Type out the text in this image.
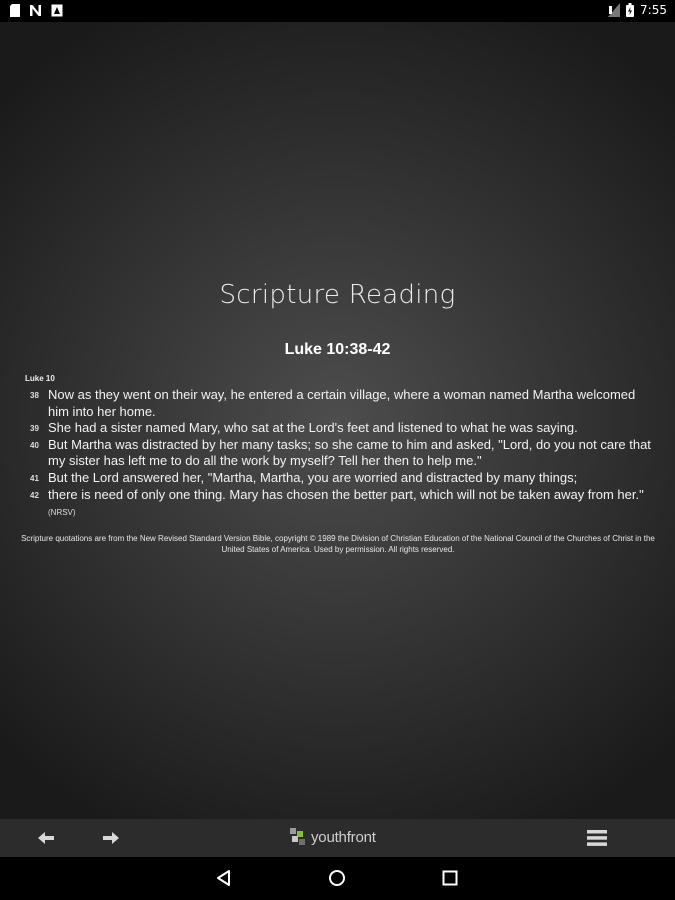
7:55
Scripture Reading
Luke 10:38-42
Luke 10
38 Now as they went on their way, he entered a certain village, where a woman named Martha welcomed him into her home.
39 She had a sister named Mary, who sat at the Lord's feet and listened to what he was saying.
40 But Martha was distracted by her many tasks; so she came to him and asked, "Lord, do you not care that my sister has left me to do all the work by myself? Tell her then to help me."
41 But the Lord answered her, "Martha, Martha, you are worried and distracted by many things;
42 there is need of only one thing. Mary has chosen the better part, which will not be taken away from her." (NRSV)
Scripture quotations are from the New Revised Standard Version Bible, copyright © 1989 the Division of Christian Education of the National Council of the Churches of Christ in the United States of America. Used by permission. All rights reserved.
youthfront
